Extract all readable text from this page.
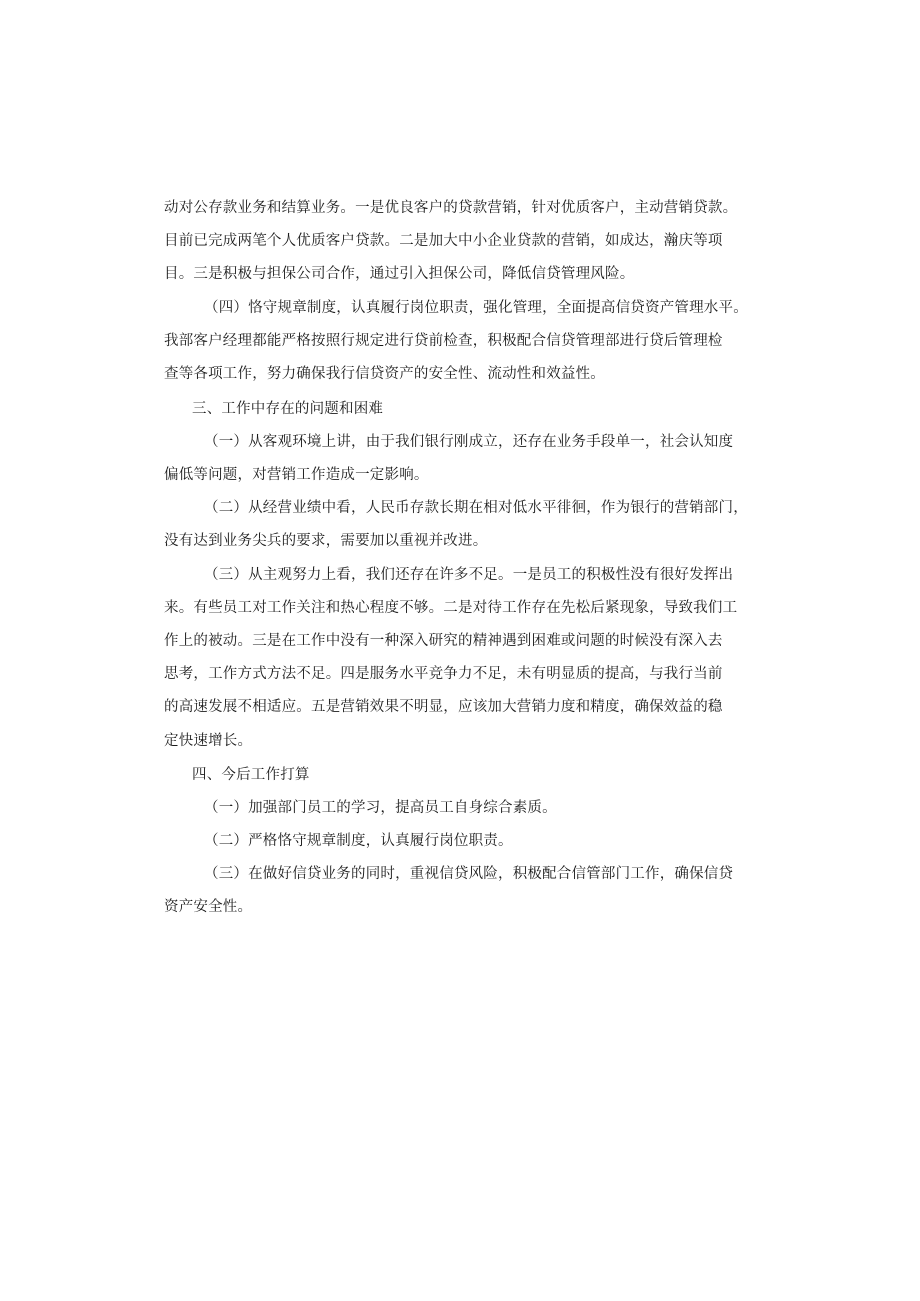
动对公存款业务和结算业务。一是优良客户的贷款营销，针对优质客户，主动营销贷款。
目前已完成两笔个人优质客户贷款。二是加大中小企业贷款的营销，如成达，瀚庆等项
目。三是积极与担保公司合作，通过引入担保公司，降低信贷管理风险。
（四）恪守规章制度，认真履行岗位职责，强化管理，全面提高信贷资产管理水平。
我部客户经理都能严格按照行规定进行贷前检查，积极配合信贷管理部进行贷后管理检
查等各项工作，努力确保我行信贷资产的安全性、流动性和效益性。
三、工作中存在的问题和困难
（一）从客观环境上讲，由于我们银行刚成立，还存在业务手段单一，社会认知度
偏低等问题，对营销工作造成一定影响。
（二）从经营业绩中看，人民币存款长期在相对低水平徘徊，作为银行的营销部门，
没有达到业务尖兵的要求，需要加以重视并改进。
（三）从主观努力上看，我们还存在许多不足。一是员工的积极性没有很好发挥出
来。有些员工对工作关注和热心程度不够。二是对待工作存在先松后紧现象，导致我们工
作上的被动。三是在工作中没有一种深入研究的精神遇到困难或问题的时候没有深入去
思考，工作方式方法不足。四是服务水平竞争力不足，未有明显质的提高，与我行当前
的高速发展不相适应。五是营销效果不明显，应该加大营销力度和精度，确保效益的稳
定快速增长。
四、今后工作打算
（一）加强部门员工的学习，提高员工自身综合素质。
（二）严格恪守规章制度，认真履行岗位职责。
（三）在做好信贷业务的同时，重视信贷风险，积极配合信管部门工作，确保信贷
资产安全性。
